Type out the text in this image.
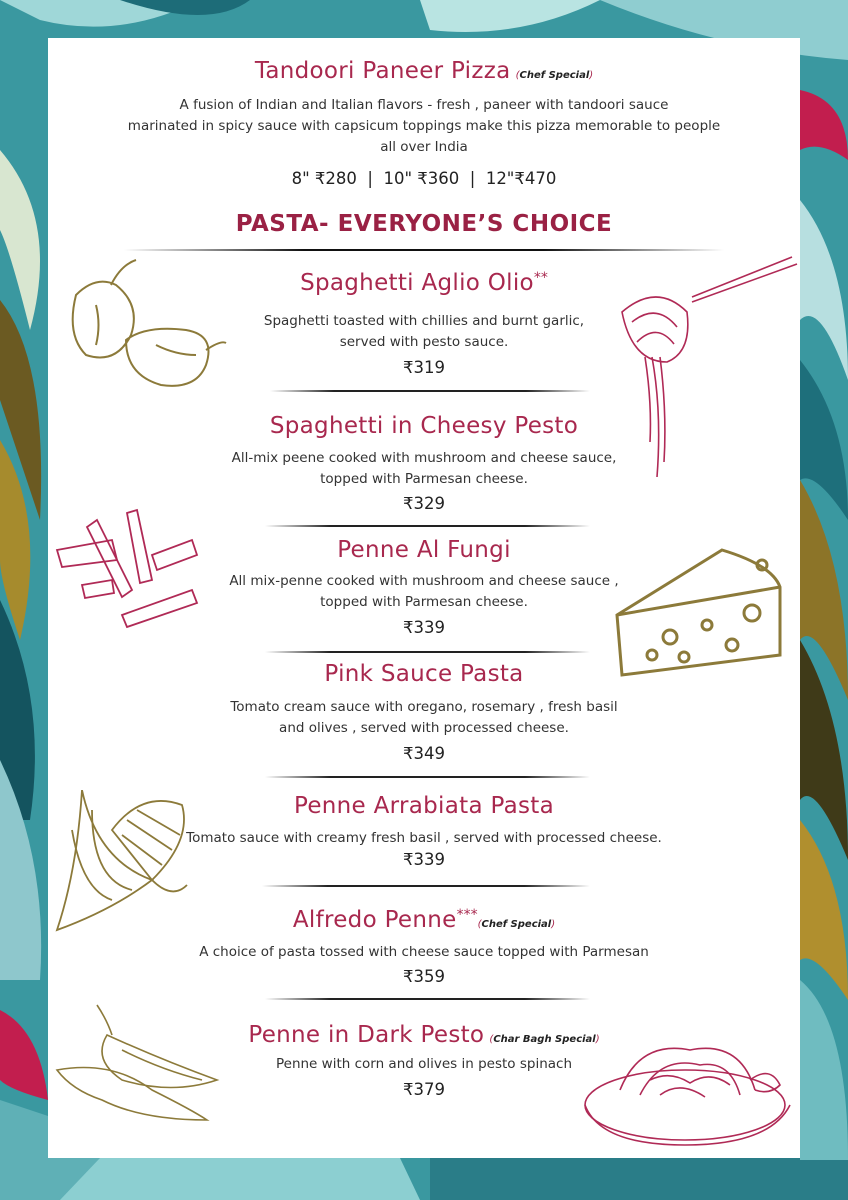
Tandoori Paneer Pizza (Chef Special)
A fusion of Indian and Italian flavors - fresh , paneer with tandoori sauce
marinated in spicy sauce with capsicum toppings make this pizza memorable to people
all over India
8" ₹280  |  10" ₹360  |  12"₹470
PASTA- EVERYONE’S CHOICE
Spaghetti Aglio Olio**
Spaghetti toasted with chillies and burnt garlic,
served with pesto sauce.
₹319
Spaghetti in Cheesy Pesto
All-mix peene cooked with mushroom and cheese sauce,
topped with Parmesan cheese.
₹329
Penne Al Fungi
All mix-penne cooked with mushroom and cheese sauce ,
topped with Parmesan cheese.
₹339
Pink Sauce Pasta
Tomato cream sauce with oregano, rosemary , fresh basil
and olives , served with processed cheese.
₹349
Penne Arrabiata Pasta
Tomato sauce with creamy fresh basil , served with processed cheese.
₹339
Alfredo Penne***(Chef Special)
A choice of pasta tossed with cheese sauce topped with Parmesan
₹359
Penne in Dark Pesto (Char Bagh Special)
Penne with corn and olives in pesto spinach
₹379
